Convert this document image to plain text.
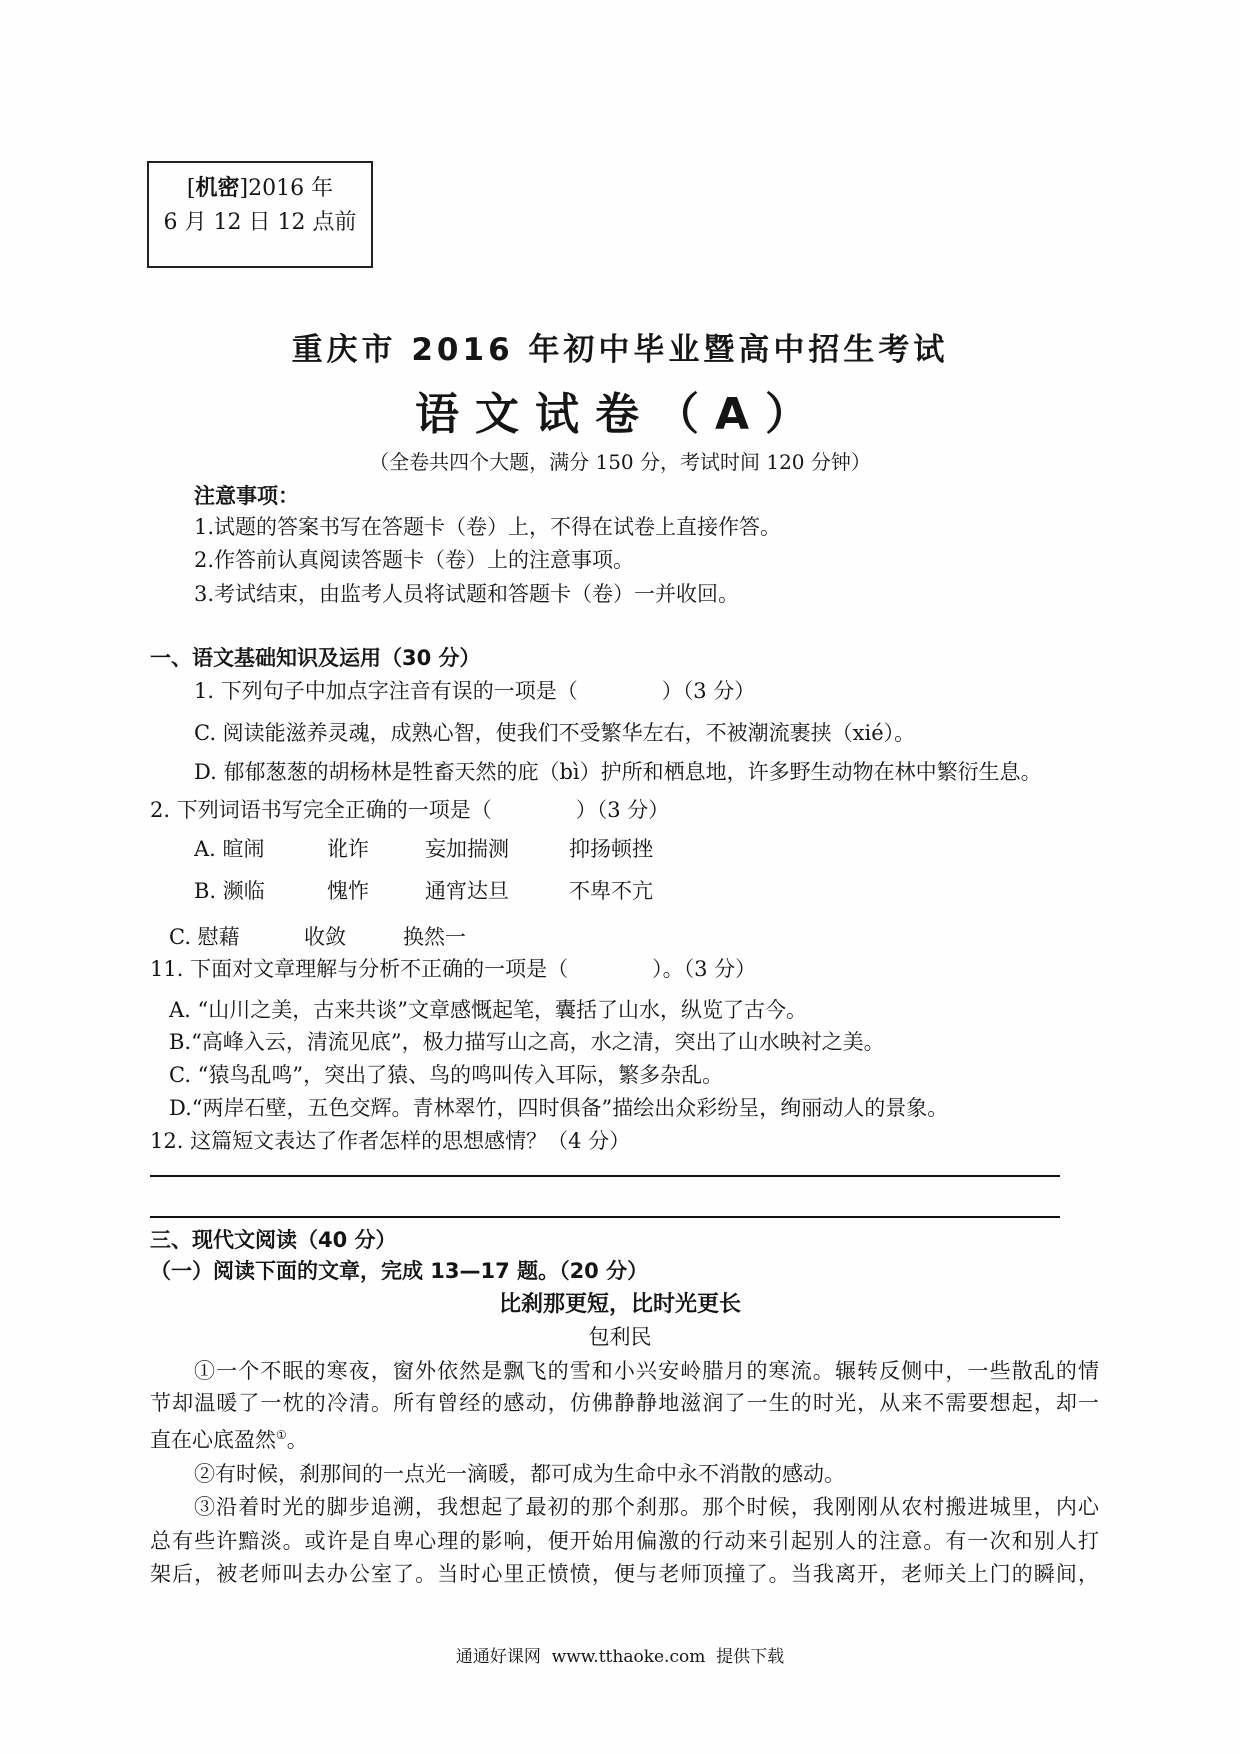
[机密]2016 年
6 月 12 日 12 点前
重庆市 2016 年初中毕业暨高中招生考试
语文试卷（A）
（全卷共四个大题，满分 150 分，考试时间 120 分钟）
注意事项：
1.试题的答案书写在答题卡（卷）上，不得在试卷上直接作答。
2.作答前认真阅读答题卡（卷）上的注意事项。
3.考试结束，由监考人员将试题和答题卡（卷）一并收回。
一、语文基础知识及运用（30 分）
1. 下列句子中加点字注音有误的一项是（　　　　）（3 分）
C. 阅读能滋养灵魂，成熟心智，使我们不受繁华左右，不被潮流裹挟（xié）。
D. 郁郁葱葱的胡杨林是牲畜天然的庇（bì）护所和栖息地，许多野生动物在林中繁衍生息。
2. 下列词语书写完全正确的一项是（　　　　）（3 分）
A. 暄闹	讹诈	妄加揣测	抑扬顿挫
B. 濒临	愧怍	通宵达旦	不卑不亢
C. 慰藉	收敛	换然一
11. 下面对文章理解与分析不正确的一项是（　　　　）。（3 分）
A. “山川之美，古来共谈”文章感慨起笔，囊括了山水，纵览了古今。
B.“高峰入云，清流见底”，极力描写山之高，水之清，突出了山水映衬之美。
C. “猿鸟乱鸣”，突出了猿、鸟的鸣叫传入耳际，繁多杂乱。
D.“两岸石壁，五色交辉。青林翠竹，四时俱备”描绘出众彩纷呈，绚丽动人的景象。
12. 这篇短文表达了作者怎样的思想感情？（4 分）
三、现代文阅读（40 分）
（一）阅读下面的文章，完成 13—17 题。（20 分）
比刹那更短，比时光更长
包利民
①一个不眠的寒夜，窗外依然是飘飞的雪和小兴安岭腊月的寒流。辗转反侧中，一些散乱的情
节却温暖了一枕的冷清。所有曾经的感动，仿佛静静地滋润了一生的时光，从来不需要想起，却一
直在心底盈然①。
②有时候，刹那间的一点光一滴暖，都可成为生命中永不消散的感动。
③沿着时光的脚步追溯，我想起了最初的那个刹那。那个时候，我刚刚从农村搬进城里，内心
总有些许黯淡。或许是自卑心理的影响，便开始用偏激的行动来引起别人的注意。有一次和别人打
架后，被老师叫去办公室了。当时心里正愤愤，便与老师顶撞了。当我离开，老师关上门的瞬间，
通通好课网  www.tthaoke.com  提供下载
